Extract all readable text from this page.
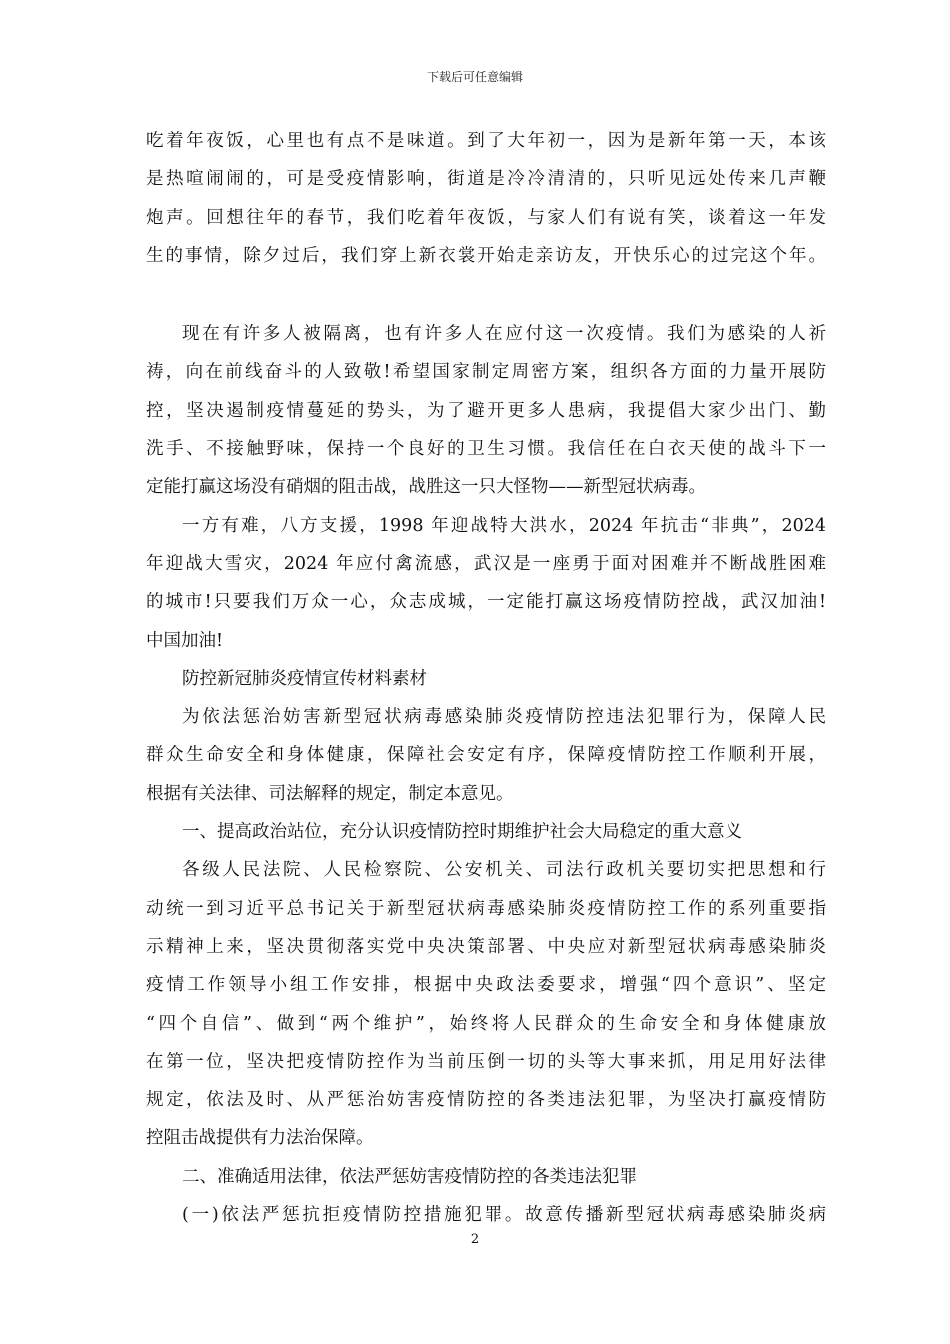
下载后可任意编辑
吃着年夜饭，心里也有点不是味道。到了大年初一，因为是新年第一天，本该
是热喧闹闹的，可是受疫情影响，街道是冷冷清清的，只听见远处传来几声鞭
炮声。回想往年的春节，我们吃着年夜饭，与家人们有说有笑，谈着这一年发
生的事情，除夕过后，我们穿上新衣裳开始走亲访友，开快乐心的过完这个年。
现在有许多人被隔离，也有许多人在应付这一次疫情。我们为感染的人祈
祷，向在前线奋斗的人致敬!希望国家制定周密方案，组织各方面的力量开展防
控，坚决遏制疫情蔓延的势头，为了避开更多人患病，我提倡大家少出门、勤
洗手、不接触野味，保持一个良好的卫生习惯。我信任在白衣天使的战斗下一
定能打赢这场没有硝烟的阻击战，战胜这一只大怪物——新型冠状病毒。
一方有难，八方支援，1998 年迎战特大洪水，2024 年抗击“非典”，2024
年迎战大雪灾，2024 年应付禽流感，武汉是一座勇于面对困难并不断战胜困难
的城市!只要我们万众一心，众志成城，一定能打赢这场疫情防控战，武汉加油!
中国加油!
防控新冠肺炎疫情宣传材料素材
为依法惩治妨害新型冠状病毒感染肺炎疫情防控违法犯罪行为，保障人民
群众生命安全和身体健康，保障社会安定有序，保障疫情防控工作顺利开展，
根据有关法律、司法解释的规定，制定本意见。
一、提高政治站位，充分认识疫情防控时期维护社会大局稳定的重大意义
各级人民法院、人民检察院、公安机关、司法行政机关要切实把思想和行
动统一到习近平总书记关于新型冠状病毒感染肺炎疫情防控工作的系列重要指
示精神上来，坚决贯彻落实党中央决策部署、中央应对新型冠状病毒感染肺炎
疫情工作领导小组工作安排，根据中央政法委要求，增强“四个意识”、坚定
“四个自信”、做到“两个维护”，始终将人民群众的生命安全和身体健康放
在第一位，坚决把疫情防控作为当前压倒一切的头等大事来抓，用足用好法律
规定，依法及时、从严惩治妨害疫情防控的各类违法犯罪，为坚决打赢疫情防
控阻击战提供有力法治保障。
二、准确适用法律，依法严惩妨害疫情防控的各类违法犯罪
(一)依法严惩抗拒疫情防控措施犯罪。故意传播新型冠状病毒感染肺炎病
2
